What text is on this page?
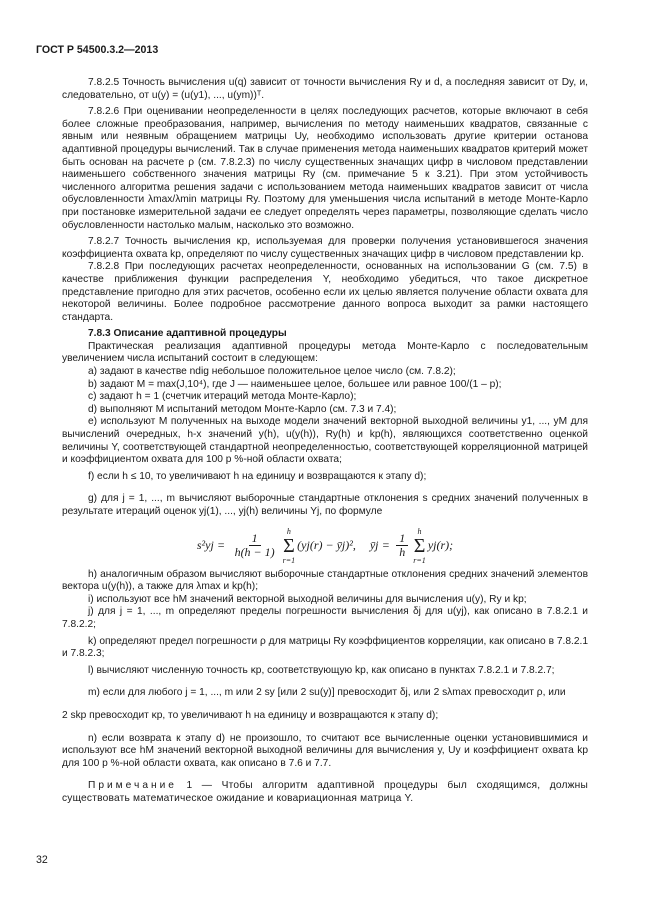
ГОСТ Р 54500.3.2—2013

7.8.2.5 Точность вычисления u(q) зависит от точности вычисления Ry и d, а последняя зависит от Dy, и, следовательно, от u(y) = (u(y1), ..., u(ym))ᵀ.

7.8.2.6 При оценивании неопределенности в целях последующих расчетов, которые включают в себя более сложные преобразования, например, вычисления по методу наименьших квадратов, связанные с явным или неявным обращением матрицы Uy, необходимо использовать другие критерии останова адаптивной процедуры вычислений. Так в случае применения метода наименьших квадратов критерий может быть основан на расчете ρ (см. 7.8.2.3) по числу существенных значащих цифр в числовом представлении наименьшего собственного значения матрицы Ry (см. примечание 5 к 3.21). При этом устойчивость численного алгоритма решения задачи с использованием метода наименьших квадратов зависит от числа обусловленности λmax/λmin матрицы Ry. Поэтому для уменьшения числа испытаний в методе Монте-Карло при постановке измерительной задачи ее следует определять через параметры, позволяющие сделать число обусловленности настолько малым, насколько это возможно.

7.8.2.7 Точность вычисления κp, используемая для проверки получения установившегося значения коэффициента охвата kp, определяют по числу существенных значащих цифр в числовом представлении kp.

7.8.2.8 При последующих расчетах неопределенности, основанных на использовании G (см. 7.5) в качестве приближения функции распределения Y, необходимо убедиться, что такое дискретное представление пригодно для этих расчетов, особенно если их целью является получение области охвата для некоторой величины. Более подробное рассмотрение данного вопроса выходит за рамки настоящего стандарта.

7.8.3 Описание адаптивной процедуры

Практическая реализация адаптивной процедуры метода Монте-Карло с последовательным увеличением числа испытаний состоит в следующем:

a) задают в качестве ndig небольшое положительное целое число (см. 7.8.2);

b) задают M = max(J,10⁴), где J — наименьшее целое, большее или равное 100/(1 – p);

c) задают h = 1 (счетчик итераций метода Монте-Карло);

d) выполняют M испытаний методом Монте-Карло (см. 7.3 и 7.4);

e) используют M полученных на выходе модели значений векторной выходной величины y1, ..., yM для вычислений очередных, h-х значений y(h), u(y(h)), Ry(h) и kp(h), являющихся соответственно оценкой величины Y, соответствующей стандартной неопределенностью, соответствующей корреляционной матрицей и коэффициентом охвата для 100 p %-ной области охвата;

f) если h ≤ 10, то увеличивают h на единицу и возвращаются к этапу d);

g) для j = 1, ..., m вычисляют выборочные стандартные отклонения s средних значений полученных в результате итераций оценок yj(1), ..., yj(h) величины Yj, по формуле

$s^2yj = \frac{1}{h(h - 1)}$
h
Σ
r=1
(yj(r) − ȳj)², ȳj = $\frac{1}{h}$
h
Σ
r=1
yj(r);

h) аналогичным образом вычисляют выборочные стандартные отклонения средних значений элементов вектора u(y(h)), а также для λmax и kp(h);

i) используют все hM значений векторной выходной величины для вычисления u(y), Ry и kp;

j) для j = 1, ..., m определяют пределы погрешности вычисления δj для u(yj), как описано в 7.8.2.1 и 7.8.2.2;

k) определяют предел погрешности ρ для матрицы Ry коэффициентов корреляции, как описано в 7.8.2.1 и 7.8.2.3;

l) вычисляют численную точность κp, соответствующую kp, как описано в пунктах 7.8.2.1 и 7.8.2.7;

m) если для любого j = 1, ..., m или 2 sy [или 2 su(y)] превосходит δj, или 2 sλmax превосходит ρ, или

2 skp превосходит κp, то увеличивают h на единицу и возвращаются к этапу d);

n) если возврата к этапу d) не произошло, то считают все вычисленные оценки установившимися и используют все hM значений векторной выходной величины для вычисления y, Uy и коэффициент охвата kp для 100 p %-ной области охвата, как описано в 7.6 и 7.7.

Примечание 1 — Чтобы алгоритм адаптивной процедуры был сходящимся, должны существовать математическое ожидание и ковариационная матрица Y.

32
